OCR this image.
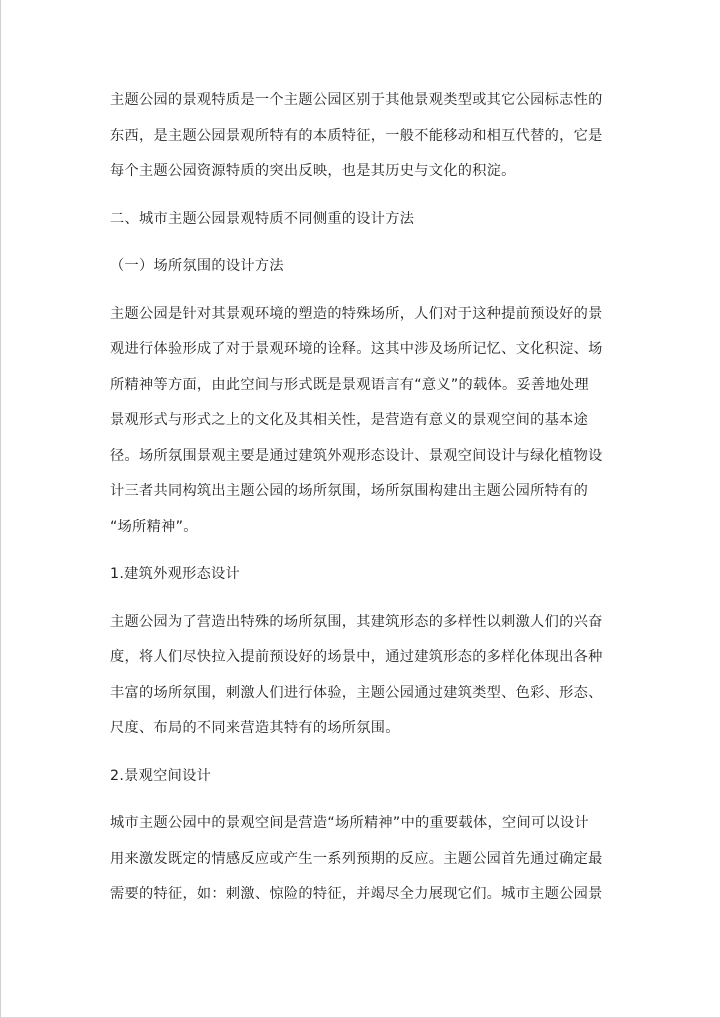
主题公园的景观特质是一个主题公园区别于其他景观类型或其它公园标志性的
东西，是主题公园景观所特有的本质特征，一般不能移动和相互代替的，它是
每个主题公园资源特质的突出反映，也是其历史与文化的积淀。

二、城市主题公园景观特质不同侧重的设计方法

（一）场所氛围的设计方法

主题公园是针对其景观环境的塑造的特殊场所，人们对于这种提前预设好的景
观进行体验形成了对于景观环境的诠释。这其中涉及场所记忆、文化积淀、场
所精神等方面，由此空间与形式既是景观语言有“意义”的载体。妥善地处理
景观形式与形式之上的文化及其相关性，是营造有意义的景观空间的基本途
径。场所氛围景观主要是通过建筑外观形态设计、景观空间设计与绿化植物设
计三者共同构筑出主题公园的场所氛围，场所氛围构建出主题公园所特有的
“场所精神”。

1.建筑外观形态设计

主题公园为了营造出特殊的场所氛围，其建筑形态的多样性以刺激人们的兴奋
度，将人们尽快拉入提前预设好的场景中，通过建筑形态的多样化体现出各种
丰富的场所氛围，刺激人们进行体验，主题公园通过建筑类型、色彩、形态、
尺度、布局的不同来营造其特有的场所氛围。

2.景观空间设计

城市主题公园中的景观空间是营造“场所精神”中的重要载体，空间可以设计
用来激发既定的情感反应或产生一系列预期的反应。主题公园首先通过确定最
需要的特征，如：刺激、惊险的特征，并竭尽全力展现它们。城市主题公园景
